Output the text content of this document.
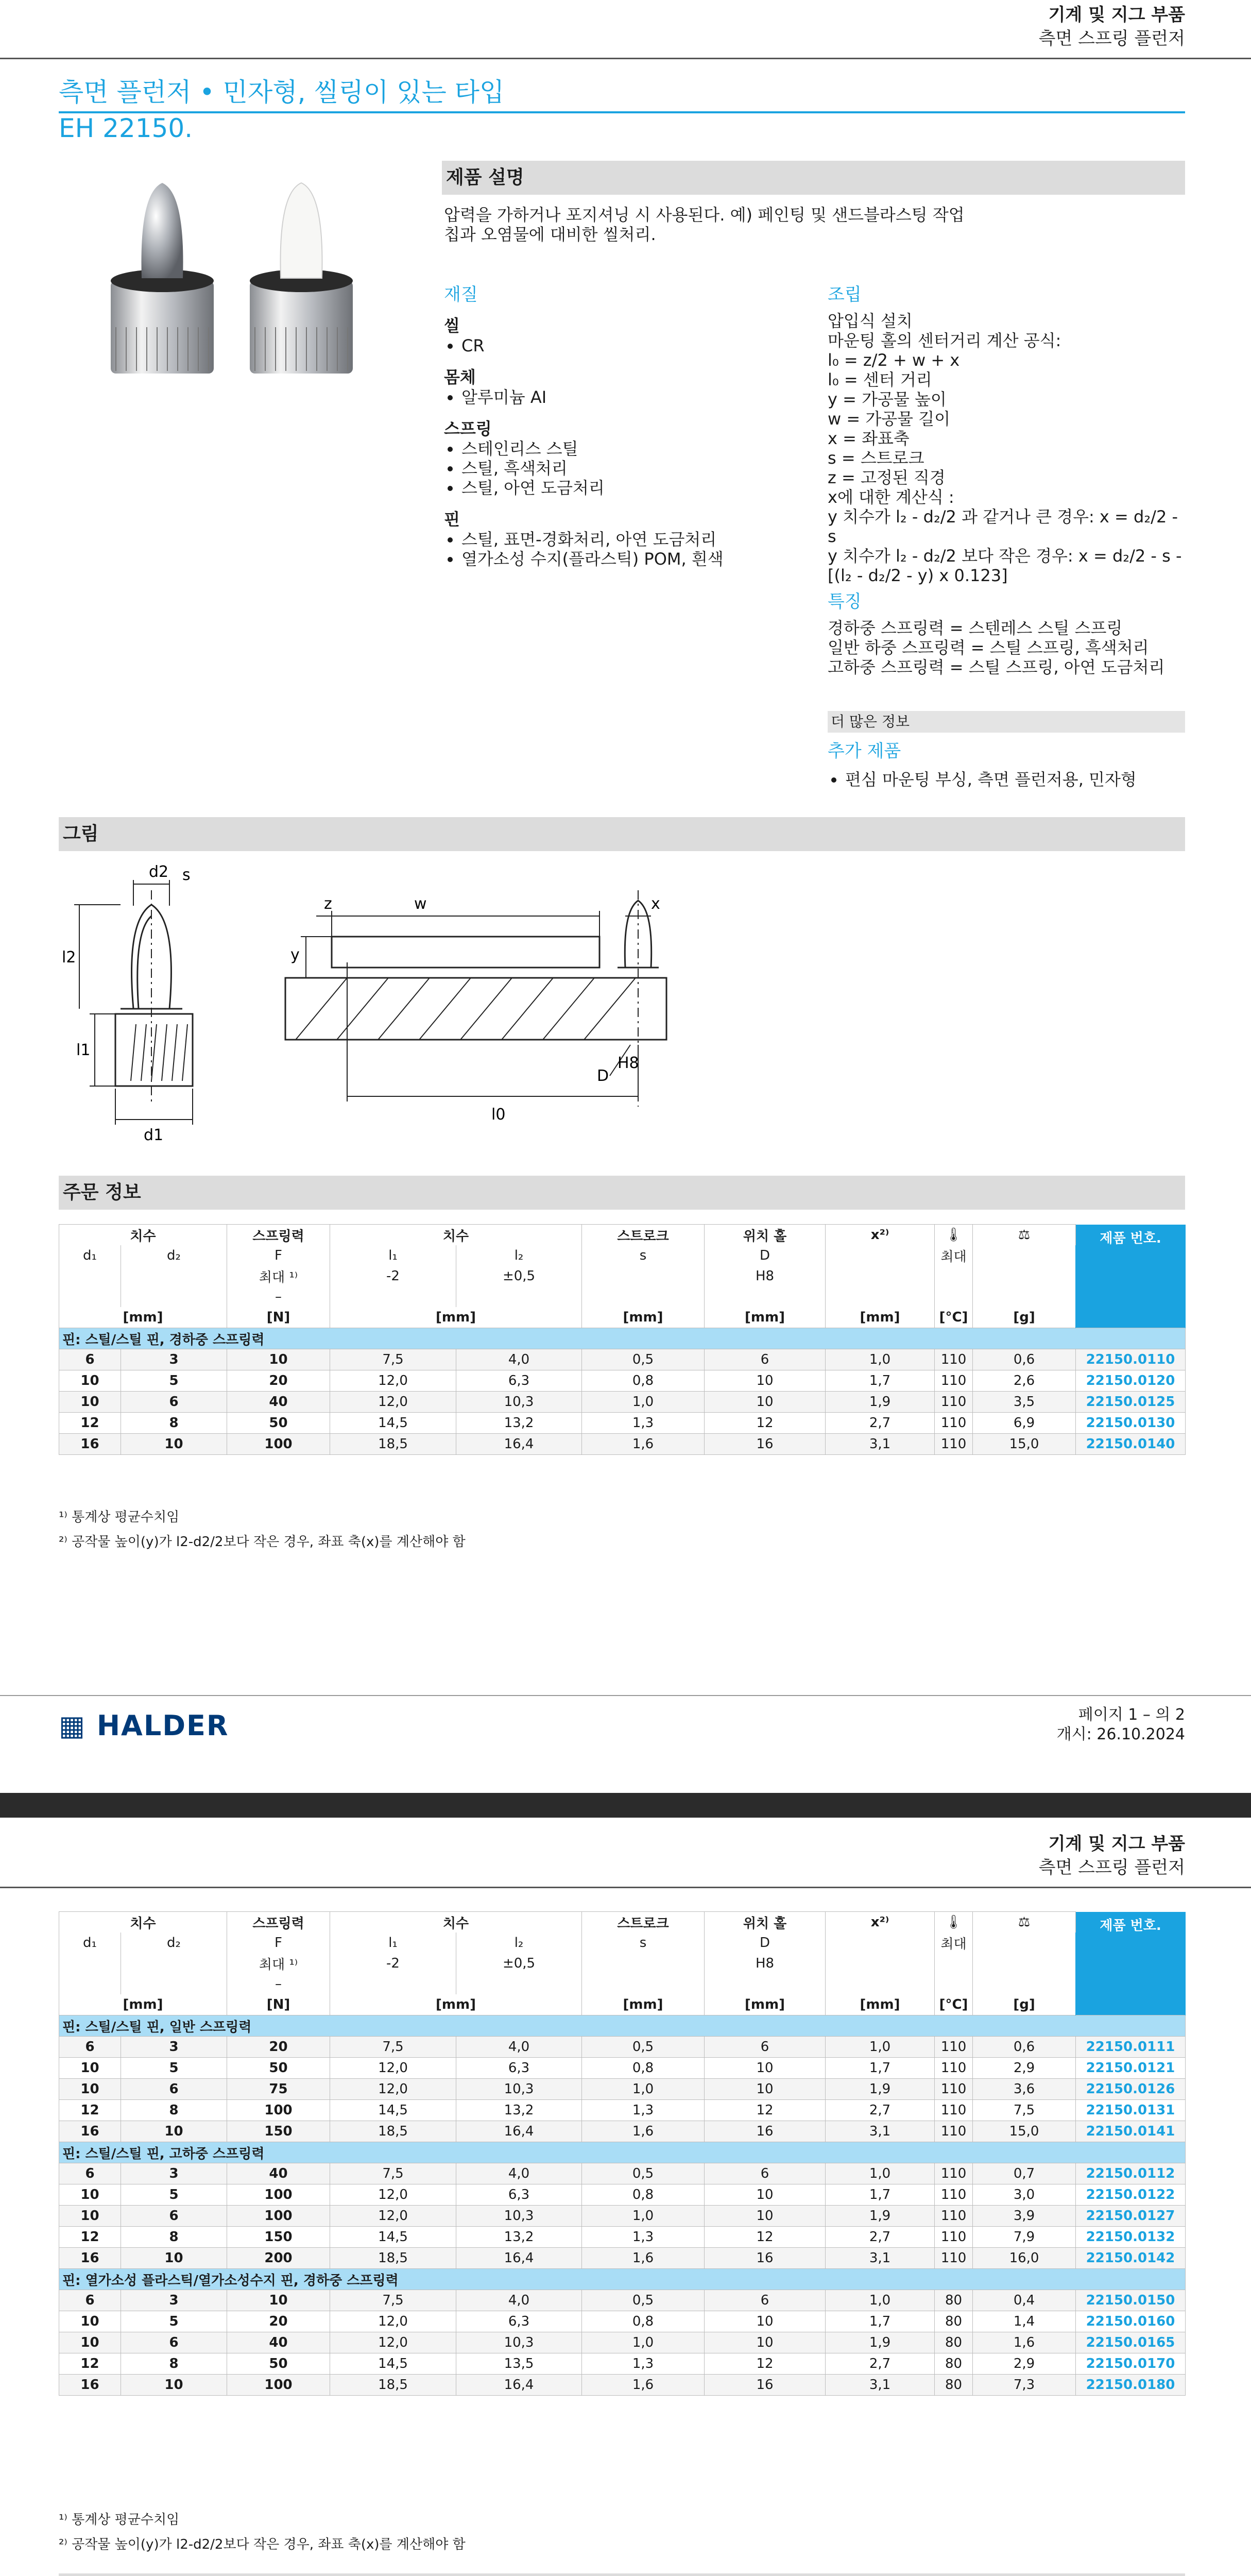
기계 및 지그 부품
측면 스프링 플런저
측면 플런저 • 민자형, 씰링이 있는 타입
EH 22150.
제품 설명
압력을 가하거나 포지셔닝 시 사용된다. 예) 페인팅 및 샌드블라스팅 작업
칩과 오염물에 대비한 씰처리.
재질
씰
• CR
몸체
• 알루미늄 AI
스프링
• 스테인리스 스틸
• 스틸, 흑색처리
• 스틸, 아연 도금처리
핀
• 스틸, 표면-경화처리, 아연 도금처리
• 열가소성 수지(플라스틱) POM, 흰색
조립
압입식 설치
마운팅 홀의 센터거리 계산 공식:
l₀ = z/2 + w + x
l₀ = 센터 거리
y = 가공물 높이
w = 가공물 길이
x = 좌표축
s = 스트로크
z = 고정된 직경
x에 대한 계산식 :
y 치수가 l₂ - d₂/2 과 같거나 큰 경우: x = d₂/2 - s
y 치수가 l₂ - d₂/2 보다 작은 경우: x = d₂/2 - s -
[(l₂ - d₂/2 - y) x 0.123]
특징
경하중 스프링력 = 스텐레스 스틸 스프링
일반 하중 스프링력 = 스틸 스프링, 흑색처리
고하중 스프링력 = 스틸 스프링, 아연 도금처리
더 많은 정보
추가 제품
• 편심 마운팅 부싱, 측면 플런저용, 민자형
그림
d2 s
l2
l1
d1
w
z	x
y
D
H8
l0
주문 정보
치수		스프링력	치수		스트로크	위치 홀	x²⁾	🌡	⚖	제품 번호.
d₁	d₂	F	l₁	l₂	s	D		최대		
		최대 ¹⁾	-2	±0,5		H8				
		–								
[mm]		[N]	[mm]		[mm]	[mm]	[mm]	[°C]	[g]	
핀: 스틸/스틸 핀, 경하중 스프링력										
6	3	10	7,5	4,0	0,5	6	1,0	110	0,6	22150.0110
10	5	20	12,0	6,3	0,8	10	1,7	110	2,6	22150.0120
10	6	40	12,0	10,3	1,0	10	1,9	110	3,5	22150.0125
12	8	50	14,5	13,2	1,3	12	2,7	110	6,9	22150.0130
16	10	100	18,5	16,4	1,6	16	3,1	110	15,0	22150.0140
¹⁾ 통계상 평균수치임
²⁾ 공작물 높이(y)가 l2-d2/2보다 작은 경우, 좌표 축(x)를 계산해야 함
▦ HALDER	페이지 1 – 의 2
개시: 26.10.2024
기계 및 지그 부품
측면 스프링 플런저
치수		스프링력	치수		스트로크	위치 홀	x²⁾	🌡	⚖	제품 번호.
d₁	d₂	F	l₁	l₂	s	D		최대		
		최대 ¹⁾	-2	±0,5		H8				
		–								
[mm]		[N]	[mm]		[mm]	[mm]	[mm]	[°C]	[g]	
핀: 스틸/스틸 핀, 일반 스프링력										
6	3	20	7,5	4,0	0,5	6	1,0	110	0,6	22150.0111
10	5	50	12,0	6,3	0,8	10	1,7	110	2,9	22150.0121
10	6	75	12,0	10,3	1,0	10	1,9	110	3,6	22150.0126
12	8	100	14,5	13,2	1,3	12	2,7	110	7,5	22150.0131
16	10	150	18,5	16,4	1,6	16	3,1	110	15,0	22150.0141
핀: 스틸/스틸 핀, 고하중 스프링력										
6	3	40	7,5	4,0	0,5	6	1,0	110	0,7	22150.0112
10	5	100	12,0	6,3	0,8	10	1,7	110	3,0	22150.0122
10	6	100	12,0	10,3	1,0	10	1,9	110	3,9	22150.0127
12	8	150	14,5	13,2	1,3	12	2,7	110	7,9	22150.0132
16	10	200	18,5	16,4	1,6	16	3,1	110	16,0	22150.0142
핀: 열가소성 플라스틱/열가소성수지 핀, 경하중 스프링력										
6	3	10	7,5	4,0	0,5	6	1,0	80	0,4	22150.0150
10	5	20	12,0	6,3	0,8	10	1,7	80	1,4	22150.0160
10	6	40	12,0	10,3	1,0	10	1,9	80	1,6	22150.0165
12	8	50	14,5	13,5	1,3	12	2,7	80	2,9	22150.0170
16	10	100	18,5	16,4	1,6	16	3,1	80	7,3	22150.0180
¹⁾ 통계상 평균수치임
²⁾ 공작물 높이(y)가 l2-d2/2보다 작은 경우, 좌표 축(x)를 계산해야 함
